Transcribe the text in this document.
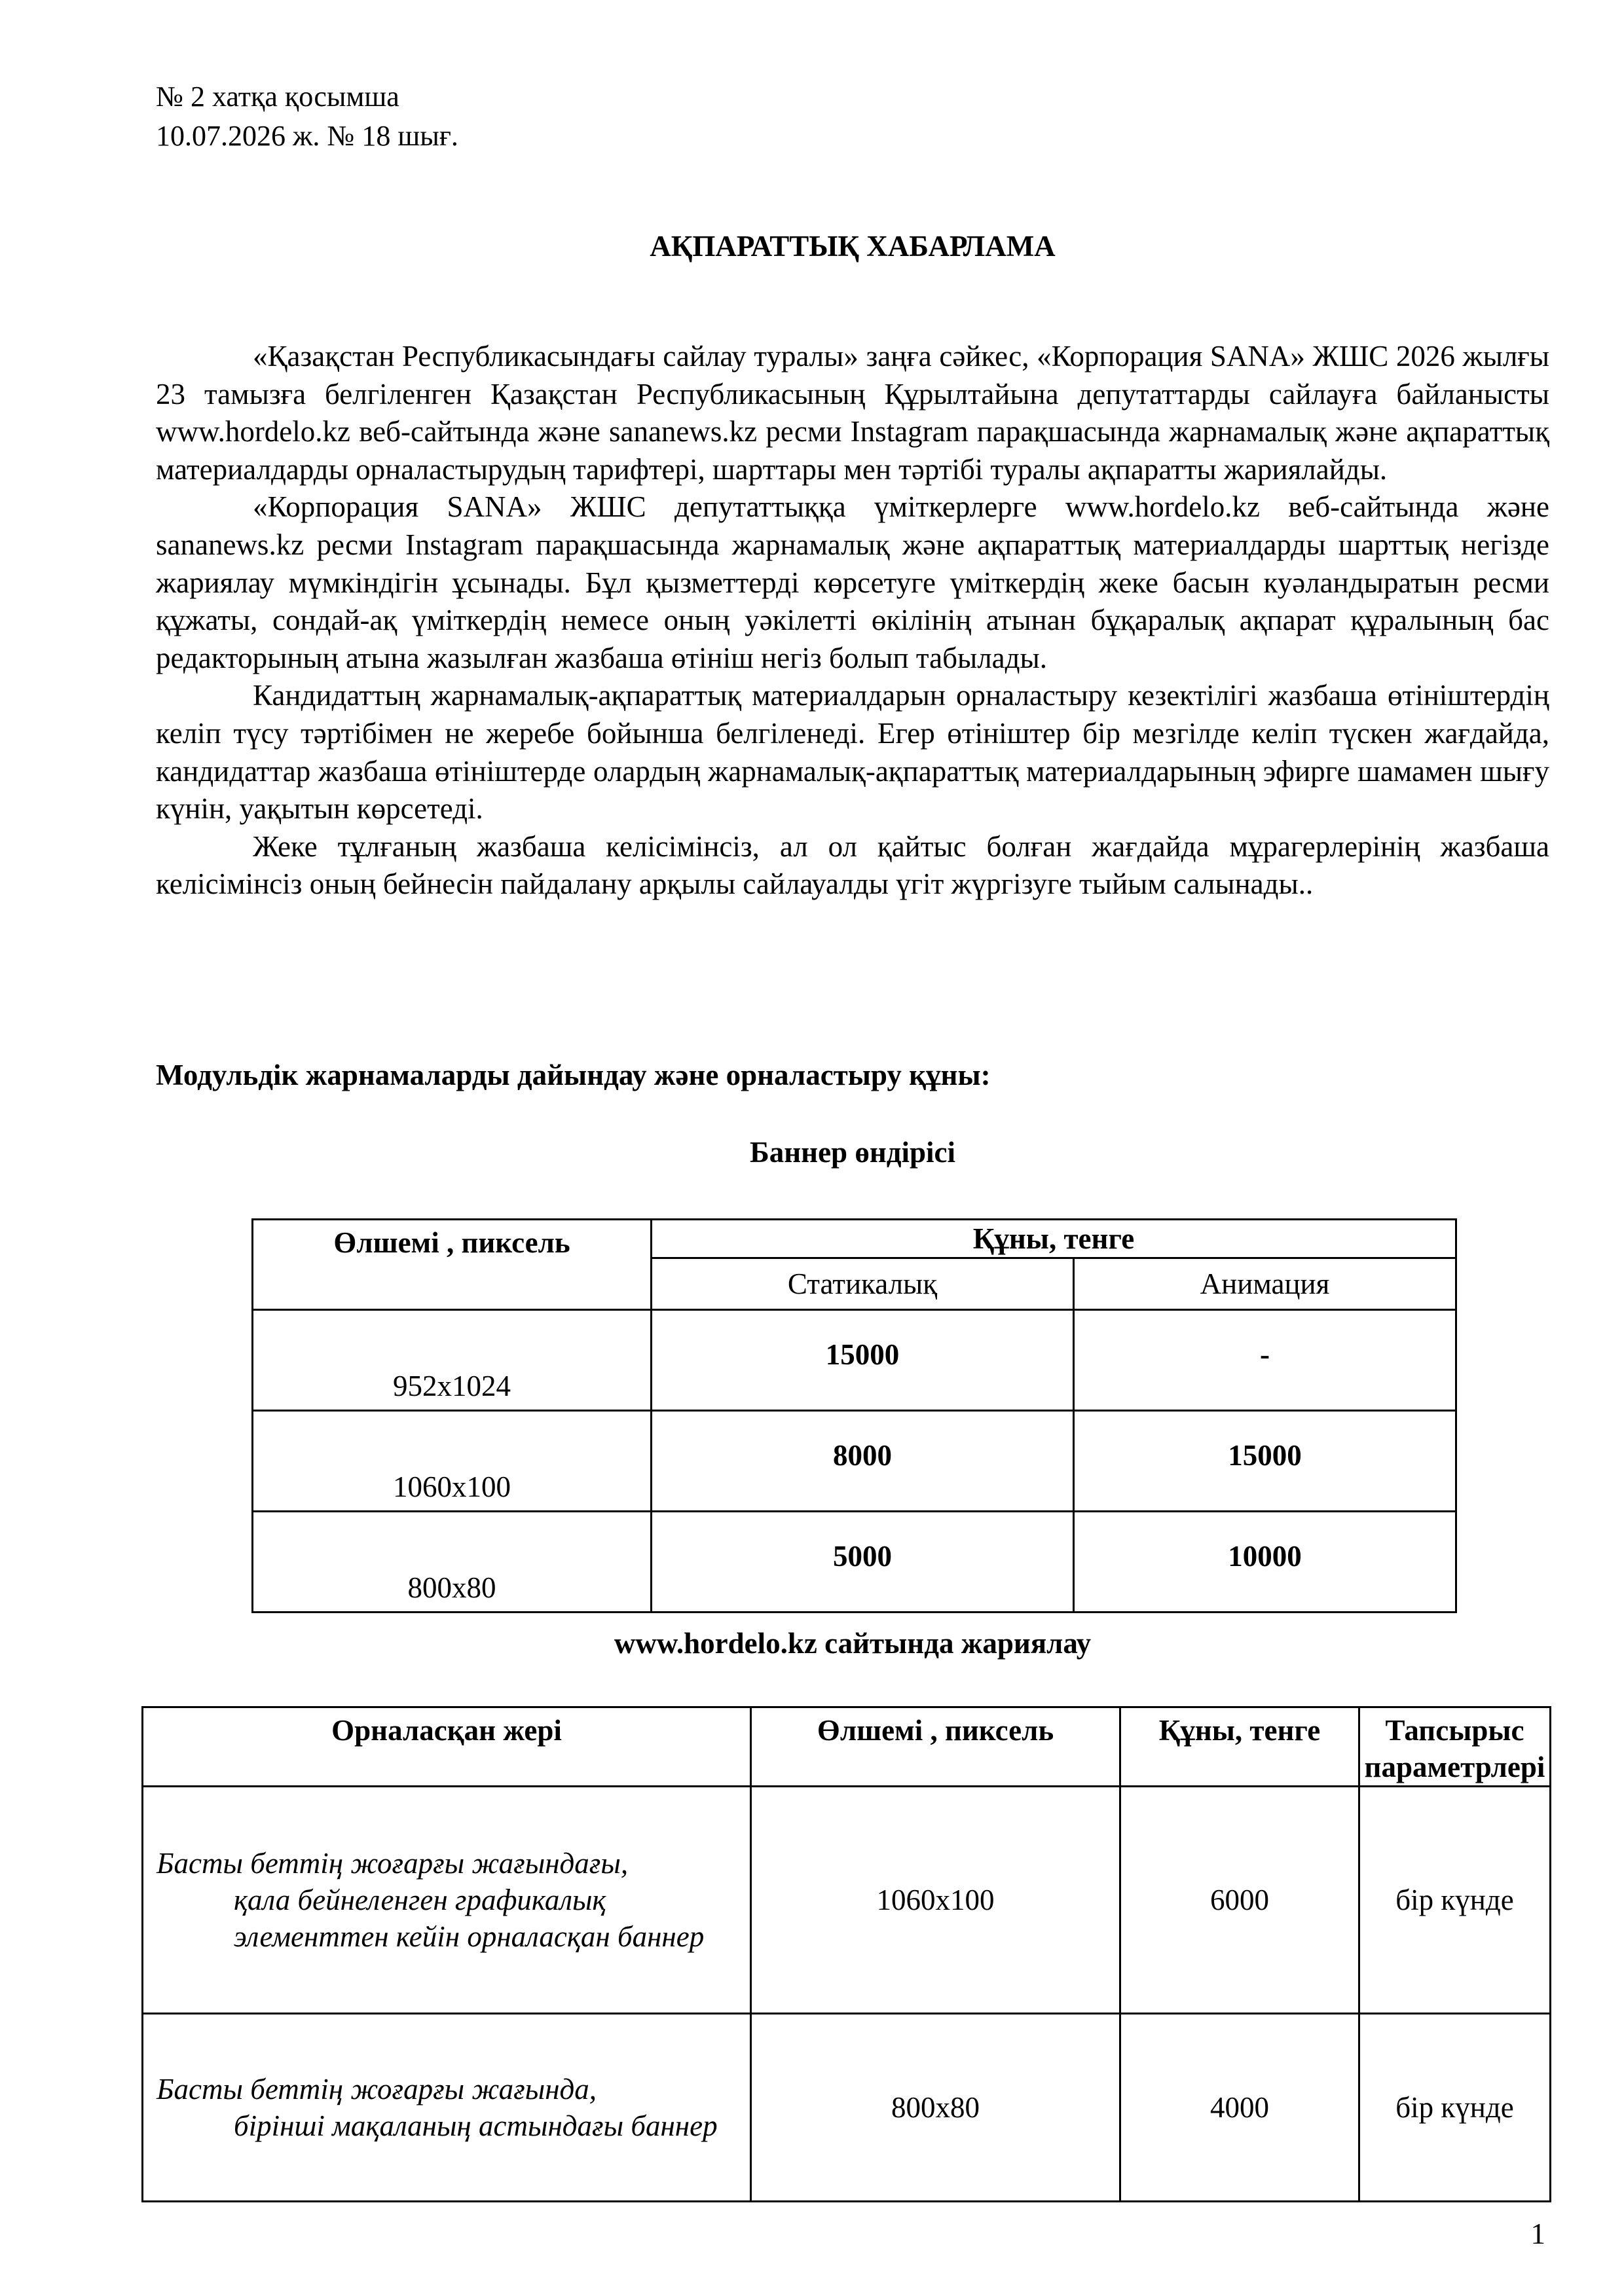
№ 2 хатқа қосымша
10.07.2026 ж. № 18 шығ.
АҚПАРАТТЫҚ ХАБАРЛАМА

«Қазақстан Республикасындағы сайлау туралы» заңға сәйкес, «Корпорация SANA» ЖШС 2026 жылғы 23 тамызға белгіленген Қазақстан Республикасының Құрылтайына депутаттарды сайлауға байланысты www.hordelo.kz веб-сайтында және sananews.kz ресми Instagram парақшасында жарнамалық және ақпараттық материалдарды орналастырудың тарифтері, шарттары мен тәртібі туралы ақпаратты жариялайды.

«Корпорация SANA» ЖШС депутаттыққа үміткерлерге www.hordelo.kz веб-сайтында және sananews.kz ресми Instagram парақшасында жарнамалық және ақпараттық материалдарды шарттық негізде жариялау мүмкіндігін ұсынады. Бұл қызметтерді көрсетуге үміткердің жеке басын куәландыратын ресми құжаты, сондай-ақ үміткердің немесе оның уәкілетті өкілінің атынан бұқаралық ақпарат құралының бас редакторының атына жазылған жазбаша өтініш негіз болып табылады.

Кандидаттың жарнамалық-ақпараттық материалдарын орналастыру кезектілігі жазбаша өтініштердің келіп түсу тәртібімен не жеребе бойынша белгіленеді. Егер өтініштер бір мезгілде келіп түскен жағдайда, кандидаттар жазбаша өтініштерде олардың жарнамалық-ақпараттық материалдарының эфирге шамамен шығу күнін, уақытын көрсетеді.

Жеке тұлғаның жазбаша келісімінсіз, ал ол қайтыс болған жағдайда мұрагерлерінің жазбаша келісімінсіз оның бейнесін пайдалану арқылы сайлауалды үгіт жүргізуге тыйым салынады..

Модульдік жарнамаларды дайындау және орналастыру құны:
Баннер өндірісі
Өлшемі , пиксель	Құны, тенге	
	Статикалық	Анимация
952x1024	15000	-
1060x100	8000	15000
800x80	5000	10000
www.hordelo.kz сайтында жариялау
Орналасқан жері	Өлшемі , пиксель	Құны, тенге	Тапсырыс параметрлері

Басты беттің жоғарғы жағындағы,
қала бейнеленген графикалық элементтен кейін орналасқан баннер	1060x100	6000	бір күнде

Басты беттің жоғарғы жағында,
бірінші мақаланың астындағы баннер	800x80	4000	бір күнде
1
